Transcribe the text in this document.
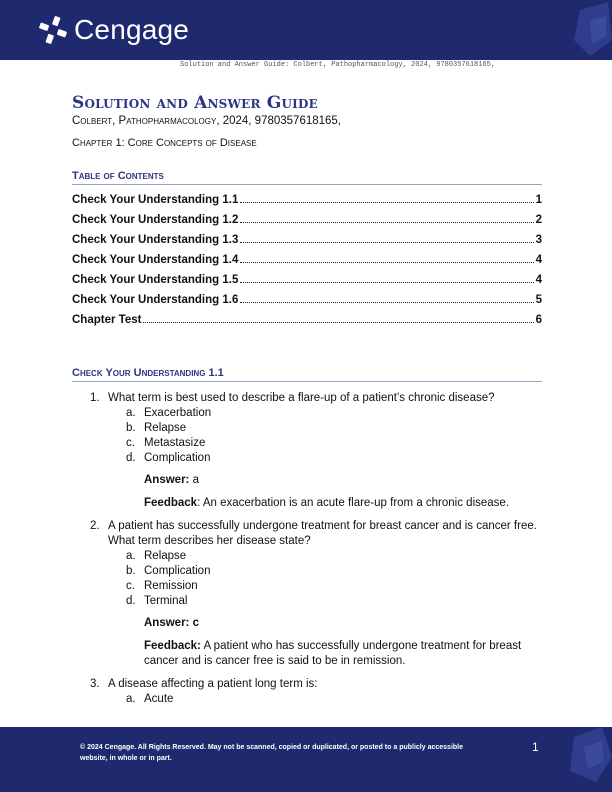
Cengage
Solution and Answer Guide: Colbert, Pathopharmacology, 2024, 9780357618165,
Solution and Answer Guide
Colbert, Pathopharmacology, 2024, 9780357618165,
Chapter 1: Core Concepts of Disease
Table of Contents
Check Your Understanding 1.1	1
Check Your Understanding 1.2	2
Check Your Understanding 1.3	3
Check Your Understanding 1.4	4
Check Your Understanding 1.5	4
Check Your Understanding 1.6	5
Chapter Test	6
Check Your Understanding 1.1
1. What term is best used to describe a flare-up of a patient’s chronic disease?
a. Exacerbation
b. Relapse
c. Metastasize
d. Complication
Answer: a
Feedback: An exacerbation is an acute flare-up from a chronic disease.
2. A patient has successfully undergone treatment for breast cancer and is cancer free. What term describes her disease state?
a. Relapse
b. Complication
c. Remission
d. Terminal
Answer: c
Feedback: A patient who has successfully undergone treatment for breast cancer and is cancer free is said to be in remission.
3. A disease affecting a patient long term is:
a. Acute
© 2024 Cengage. All Rights Reserved. May not be scanned, copied or duplicated, or posted to a publicly accessible website, in whole or in part.
1
